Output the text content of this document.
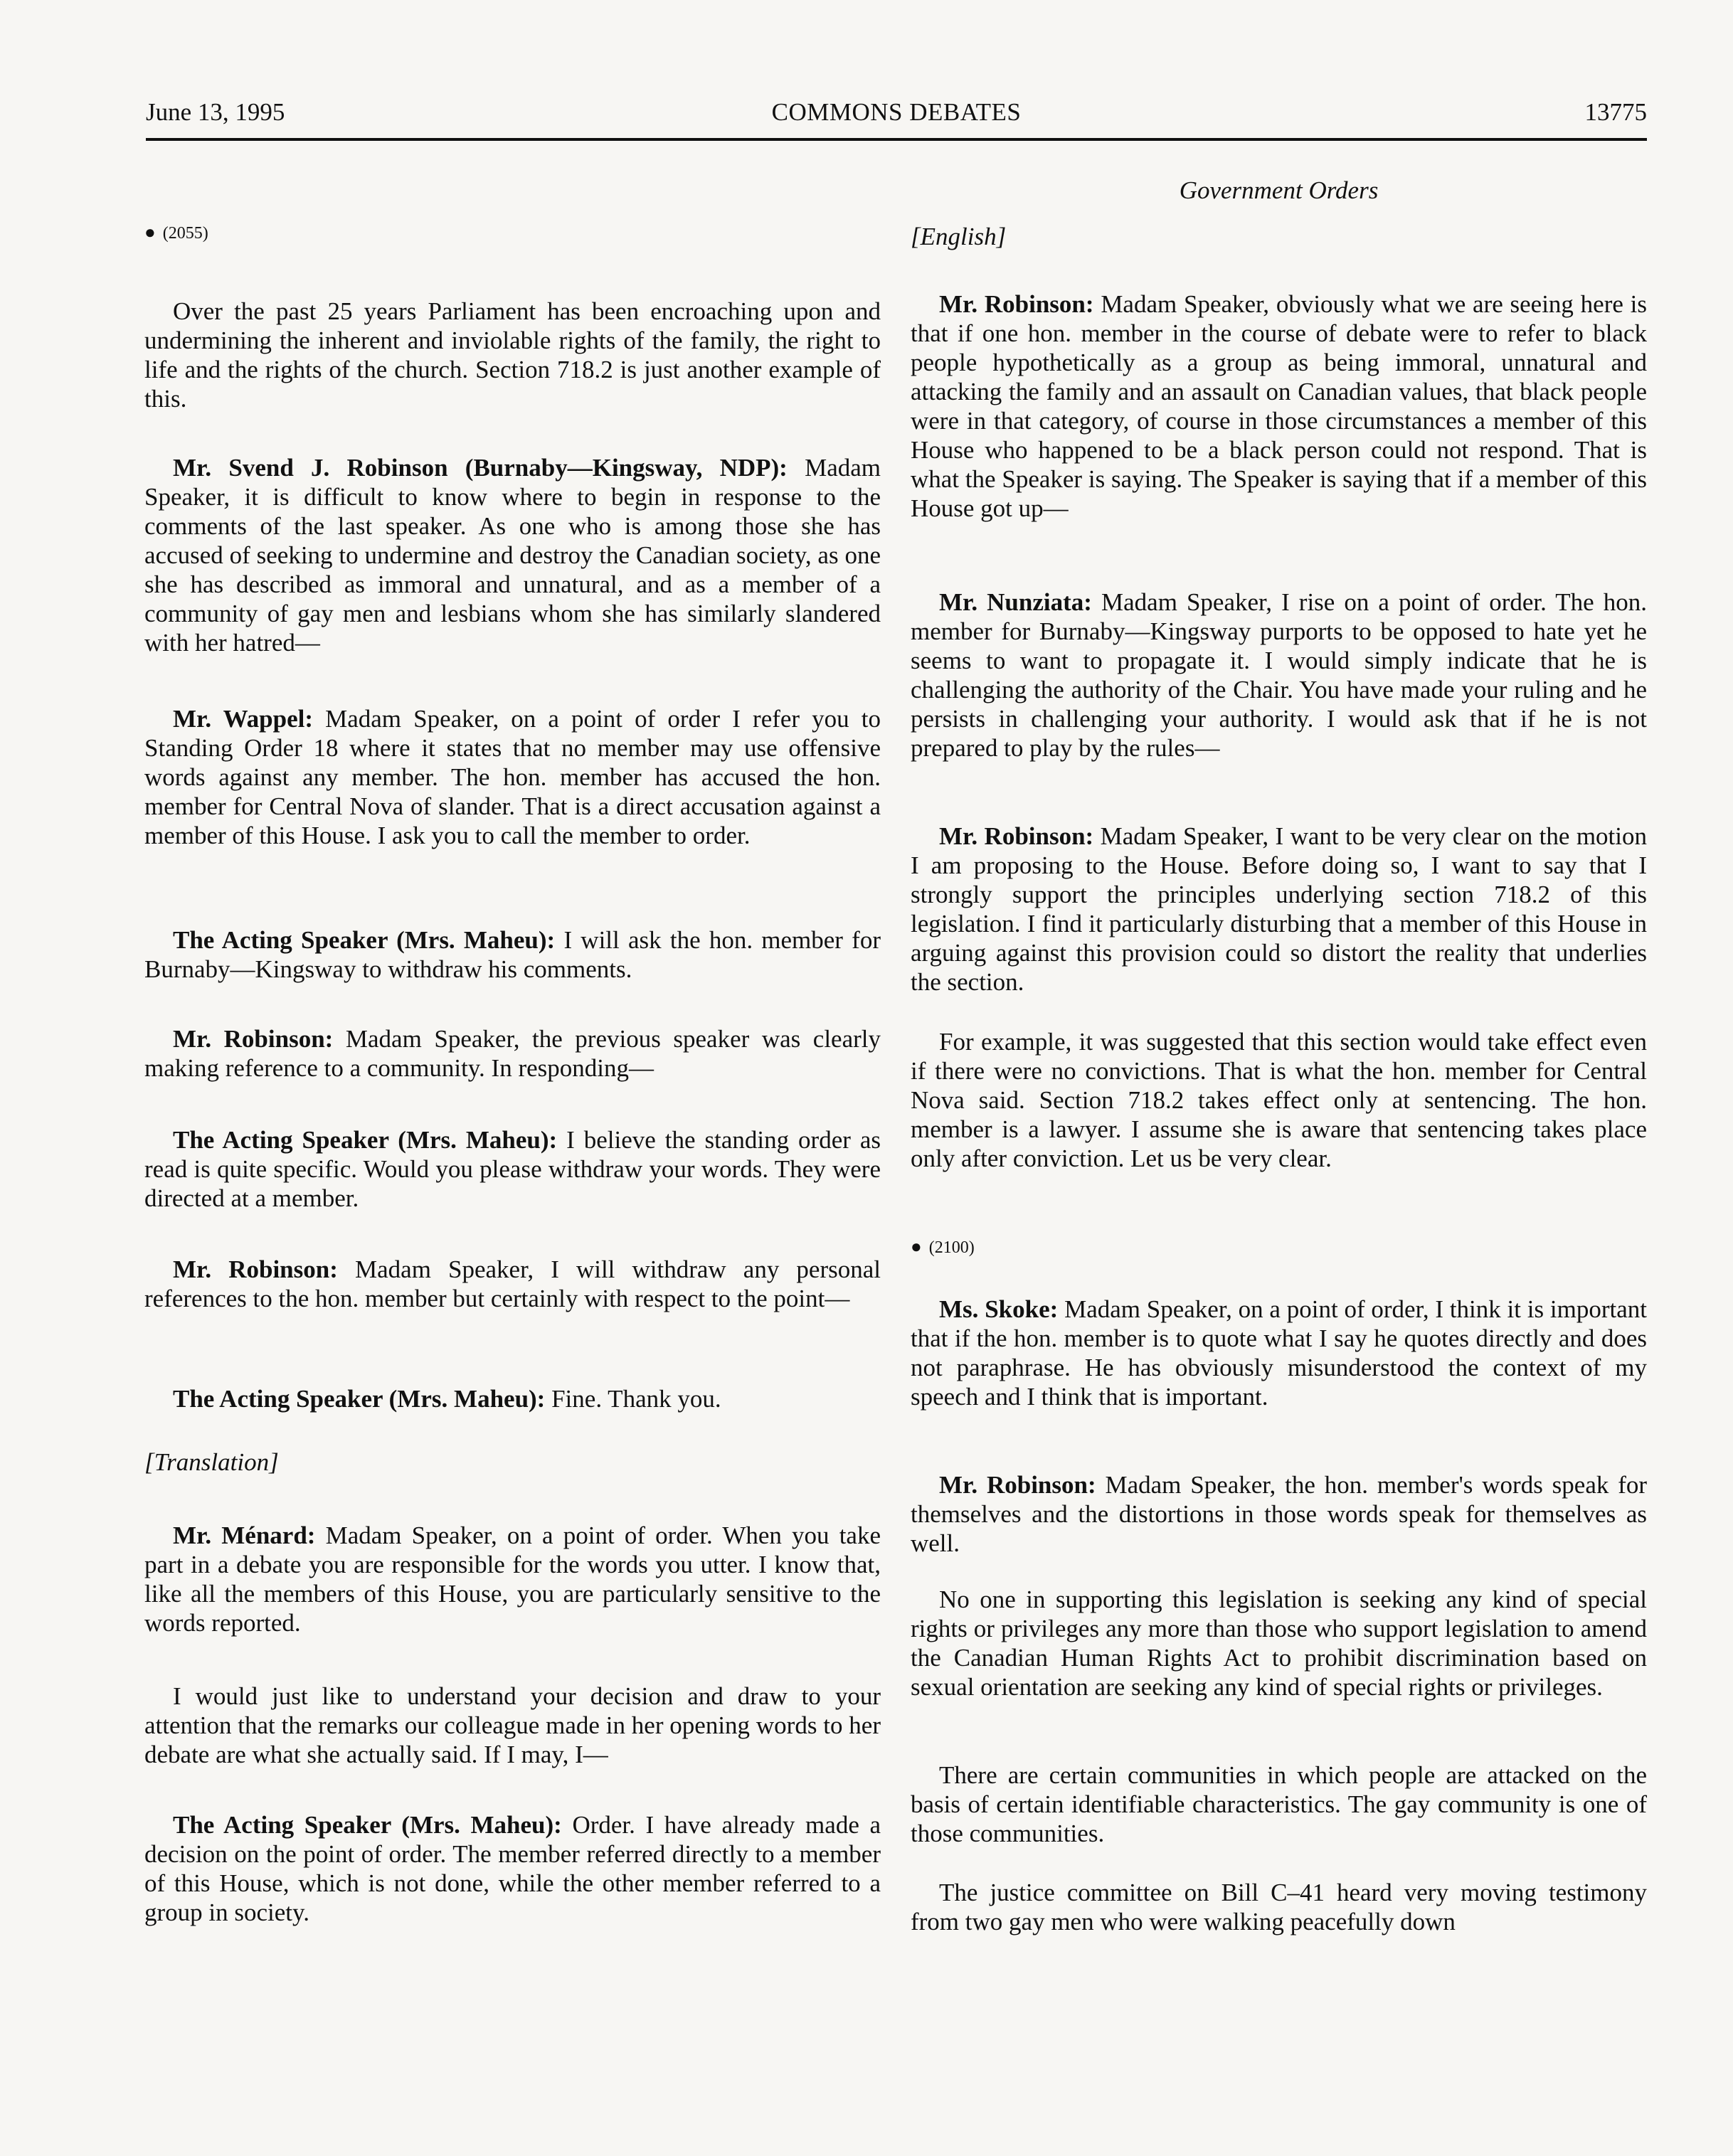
June 13, 1995	COMMONS DEBATES	13775
Government Orders
● (2055)

Over the past 25 years Parliament has been encroaching upon and undermining the inherent and inviolable rights of the family, the right to life and the rights of the church. Section 718.2 is just another example of this.

Mr. Svend J. Robinson (Burnaby—Kingsway, NDP): Madam Speaker, it is difficult to know where to begin in response to the comments of the last speaker. As one who is among those she has accused of seeking to undermine and destroy the Canadian society, as one she has described as immoral and unnatural, and as a member of a community of gay men and lesbians whom she has similarly slandered with her hatred—

Mr. Wappel: Madam Speaker, on a point of order I refer you to Standing Order 18 where it states that no member may use offensive words against any member. The hon. member has accused the hon. member for Central Nova of slander. That is a direct accusation against a member of this House. I ask you to call the member to order.

The Acting Speaker (Mrs. Maheu): I will ask the hon. member for Burnaby—Kingsway to withdraw his comments.

Mr. Robinson: Madam Speaker, the previous speaker was clearly making reference to a community. In responding—

The Acting Speaker (Mrs. Maheu): I believe the standing order as read is quite specific. Would you please withdraw your words. They were directed at a member.

Mr. Robinson: Madam Speaker, I will withdraw any personal references to the hon. member but certainly with respect to the point—

The Acting Speaker (Mrs. Maheu): Fine. Thank you.

[Translation]

Mr. Ménard: Madam Speaker, on a point of order. When you take part in a debate you are responsible for the words you utter. I know that, like all the members of this House, you are particularly sensitive to the words reported.

I would just like to understand your decision and draw to your attention that the remarks our colleague made in her opening words to her debate are what she actually said. If I may, I—

The Acting Speaker (Mrs. Maheu): Order. I have already made a decision on the point of order. The member referred directly to a member of this House, which is not done, while the other member referred to a group in society.

[English]

Mr. Robinson: Madam Speaker, obviously what we are seeing here is that if one hon. member in the course of debate were to refer to black people hypothetically as a group as being immoral, unnatural and attacking the family and an assault on Canadian values, that black people were in that category, of course in those circumstances a member of this House who happened to be a black person could not respond. That is what the Speaker is saying. The Speaker is saying that if a member of this House got up—

Mr. Nunziata: Madam Speaker, I rise on a point of order. The hon. member for Burnaby—Kingsway purports to be opposed to hate yet he seems to want to propagate it. I would simply indicate that he is challenging the authority of the Chair. You have made your ruling and he persists in challenging your authority. I would ask that if he is not prepared to play by the rules—

Mr. Robinson: Madam Speaker, I want to be very clear on the motion I am proposing to the House. Before doing so, I want to say that I strongly support the principles underlying section 718.2 of this legislation. I find it particularly disturbing that a member of this House in arguing against this provision could so distort the reality that underlies the section.

For example, it was suggested that this section would take effect even if there were no convictions. That is what the hon. member for Central Nova said. Section 718.2 takes effect only at sentencing. The hon. member is a lawyer. I assume she is aware that sentencing takes place only after conviction. Let us be very clear.

● (2100)

Ms. Skoke: Madam Speaker, on a point of order, I think it is important that if the hon. member is to quote what I say he quotes directly and does not paraphrase. He has obviously misunderstood the context of my speech and I think that is important.

Mr. Robinson: Madam Speaker, the hon. member's words speak for themselves and the distortions in those words speak for themselves as well.

No one in supporting this legislation is seeking any kind of special rights or privileges any more than those who support legislation to amend the Canadian Human Rights Act to prohibit discrimination based on sexual orientation are seeking any kind of special rights or privileges.

There are certain communities in which people are attacked on the basis of certain identifiable characteristics. The gay community is one of those communities.

The justice committee on Bill C–41 heard very moving testimony from two gay men who were walking peacefully down
